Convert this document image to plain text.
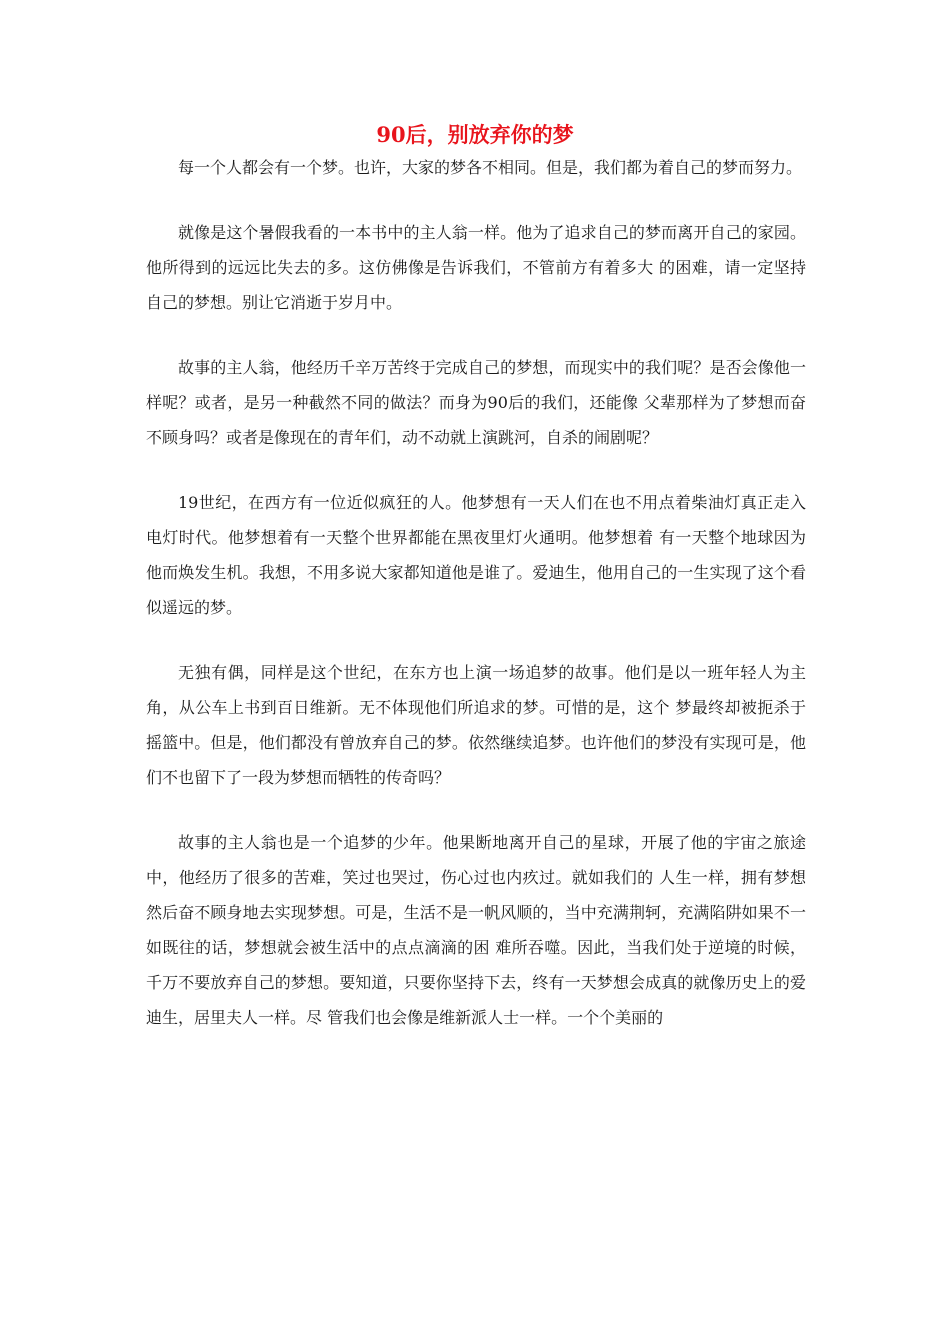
90后，别放弃你的梦

每一个人都会有一个梦。也许，大家的梦各不相同。但是，我们都为着自己的梦而努力。

就像是这个暑假我看的一本书中的主人翁一样。他为了追求自己的梦而离开自己的家园。他所得到的远远比失去的多。这仿佛像是告诉我们，不管前方有着多大 的困难，请一定坚持自己的梦想。别让它消逝于岁月中。

故事的主人翁，他经历千辛万苦终于完成自己的梦想，而现实中的我们呢？是否会像他一样呢？或者，是另一种截然不同的做法？而身为90后的我们，还能像 父辈那样为了梦想而奋不顾身吗？或者是像现在的青年们，动不动就上演跳河，自杀的闹剧呢？

19世纪，在西方有一位近似疯狂的人。他梦想有一天人们在也不用点着柴油灯真正走入电灯时代。他梦想着有一天整个世界都能在黑夜里灯火通明。他梦想着 有一天整个地球因为他而焕发生机。我想，不用多说大家都知道他是谁了。爱迪生，他用自己的一生实现了这个看似遥远的梦。

无独有偶，同样是这个世纪，在东方也上演一场追梦的故事。他们是以一班年轻人为主角，从公车上书到百日维新。无不体现他们所追求的梦。可惜的是，这个 梦最终却被扼杀于摇篮中。但是，他们都没有曾放弃自己的梦。依然继续追梦。也许他们的梦没有实现可是，他们不也留下了一段为梦想而牺牲的传奇吗？

故事的主人翁也是一个追梦的少年。他果断地离开自己的星球，开展了他的宇宙之旅途中，他经历了很多的苦难，笑过也哭过，伤心过也内疚过。就如我们的 人生一样，拥有梦想然后奋不顾身地去实现梦想。可是，生活不是一帆风顺的，当中充满荆轲，充满陷阱如果不一如既往的话，梦想就会被生活中的点点滴滴的困 难所吞噬。因此，当我们处于逆境的时候，千万不要放弃自己的梦想。要知道，只要你坚持下去，终有一天梦想会成真的就像历史上的爱迪生，居里夫人一样。尽 管我们也会像是维新派人士一样。一个个美丽的
